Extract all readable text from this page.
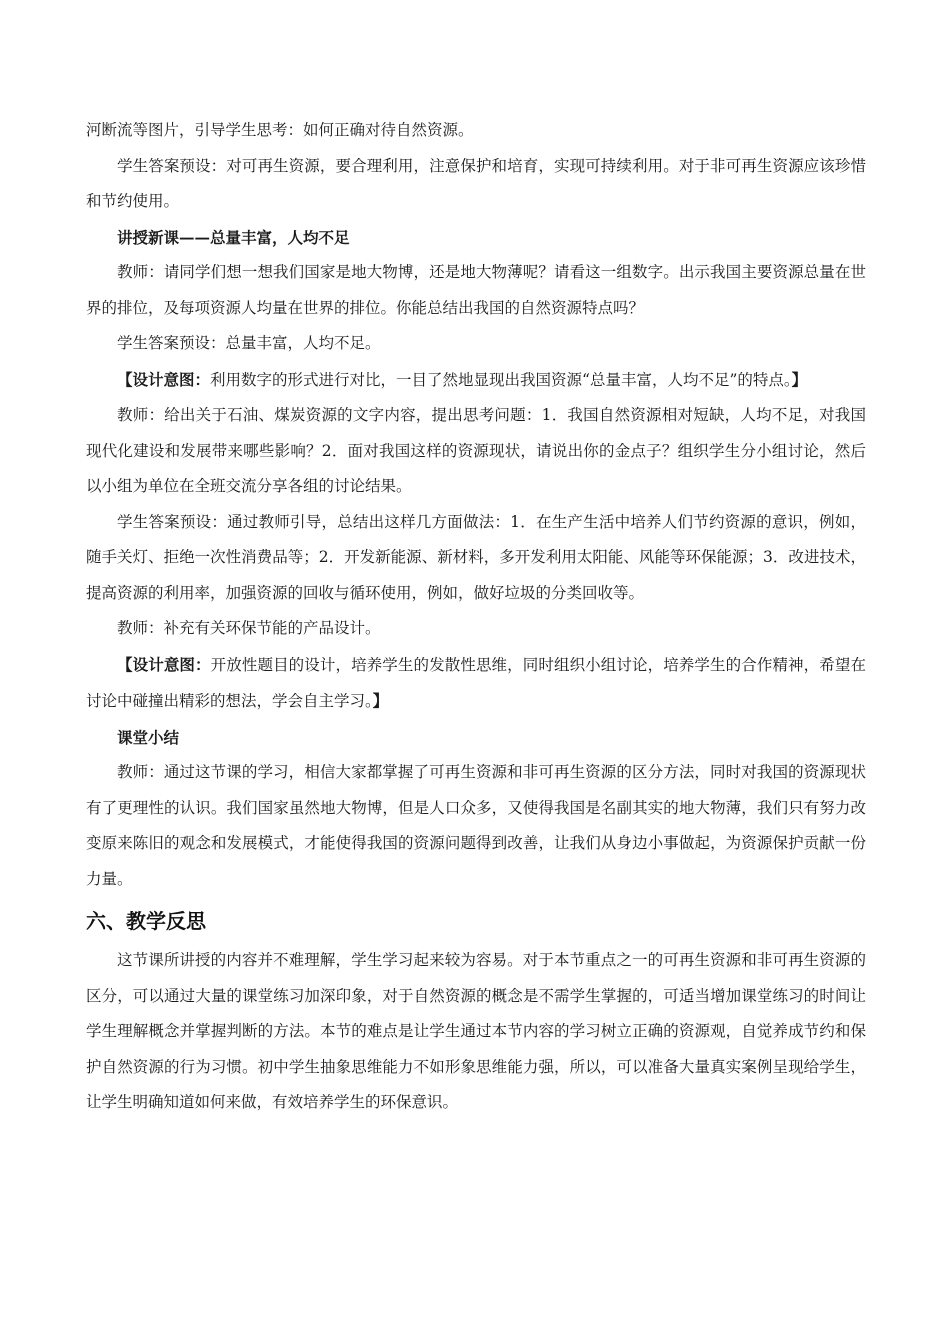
河断流等图片，引导学生思考：如何正确对待自然资源。

学生答案预设：对可再生资源，要合理利用，注意保护和培育，实现可持续利用。对于非可再生资源应该珍惜和节约使用。

讲授新课——总量丰富，人均不足

教师：请同学们想一想我们国家是地大物博，还是地大物薄呢？请看这一组数字。出示我国主要资源总量在世界的排位，及每项资源人均量在世界的排位。你能总结出我国的自然资源特点吗？

学生答案预设：总量丰富，人均不足。

【设计意图：利用数字的形式进行对比，一目了然地显现出我国资源“总量丰富，人均不足”的特点。】

教师：给出关于石油、煤炭资源的文字内容，提出思考问题：1．我国自然资源相对短缺，人均不足，对我国现代化建设和发展带来哪些影响？2．面对我国这样的资源现状，请说出你的金点子？组织学生分小组讨论，然后以小组为单位在全班交流分享各组的讨论结果。

学生答案预设：通过教师引导，总结出这样几方面做法：1．在生产生活中培养人们节约资源的意识，例如，随手关灯、拒绝一次性消费品等；2．开发新能源、新材料，多开发利用太阳能、风能等环保能源；3．改进技术，提高资源的利用率，加强资源的回收与循环使用，例如，做好垃圾的分类回收等。

教师：补充有关环保节能的产品设计。

【设计意图：开放性题目的设计，培养学生的发散性思维，同时组织小组讨论，培养学生的合作精神，希望在讨论中碰撞出精彩的想法，学会自主学习。】

课堂小结

教师：通过这节课的学习，相信大家都掌握了可再生资源和非可再生资源的区分方法，同时对我国的资源现状有了更理性的认识。我们国家虽然地大物博，但是人口众多，又使得我国是名副其实的地大物薄，我们只有努力改变原来陈旧的观念和发展模式，才能使得我国的资源问题得到改善，让我们从身边小事做起，为资源保护贡献一份力量。

六、教学反思

这节课所讲授的内容并不难理解，学生学习起来较为容易。对于本节重点之一的可再生资源和非可再生资源的区分，可以通过大量的课堂练习加深印象，对于自然资源的概念是不需学生掌握的，可适当增加课堂练习的时间让学生理解概念并掌握判断的方法。本节的难点是让学生通过本节内容的学习树立正确的资源观，自觉养成节约和保护自然资源的行为习惯。初中学生抽象思维能力不如形象思维能力强，所以，可以准备大量真实案例呈现给学生，让学生明确知道如何来做，有效培养学生的环保意识。
